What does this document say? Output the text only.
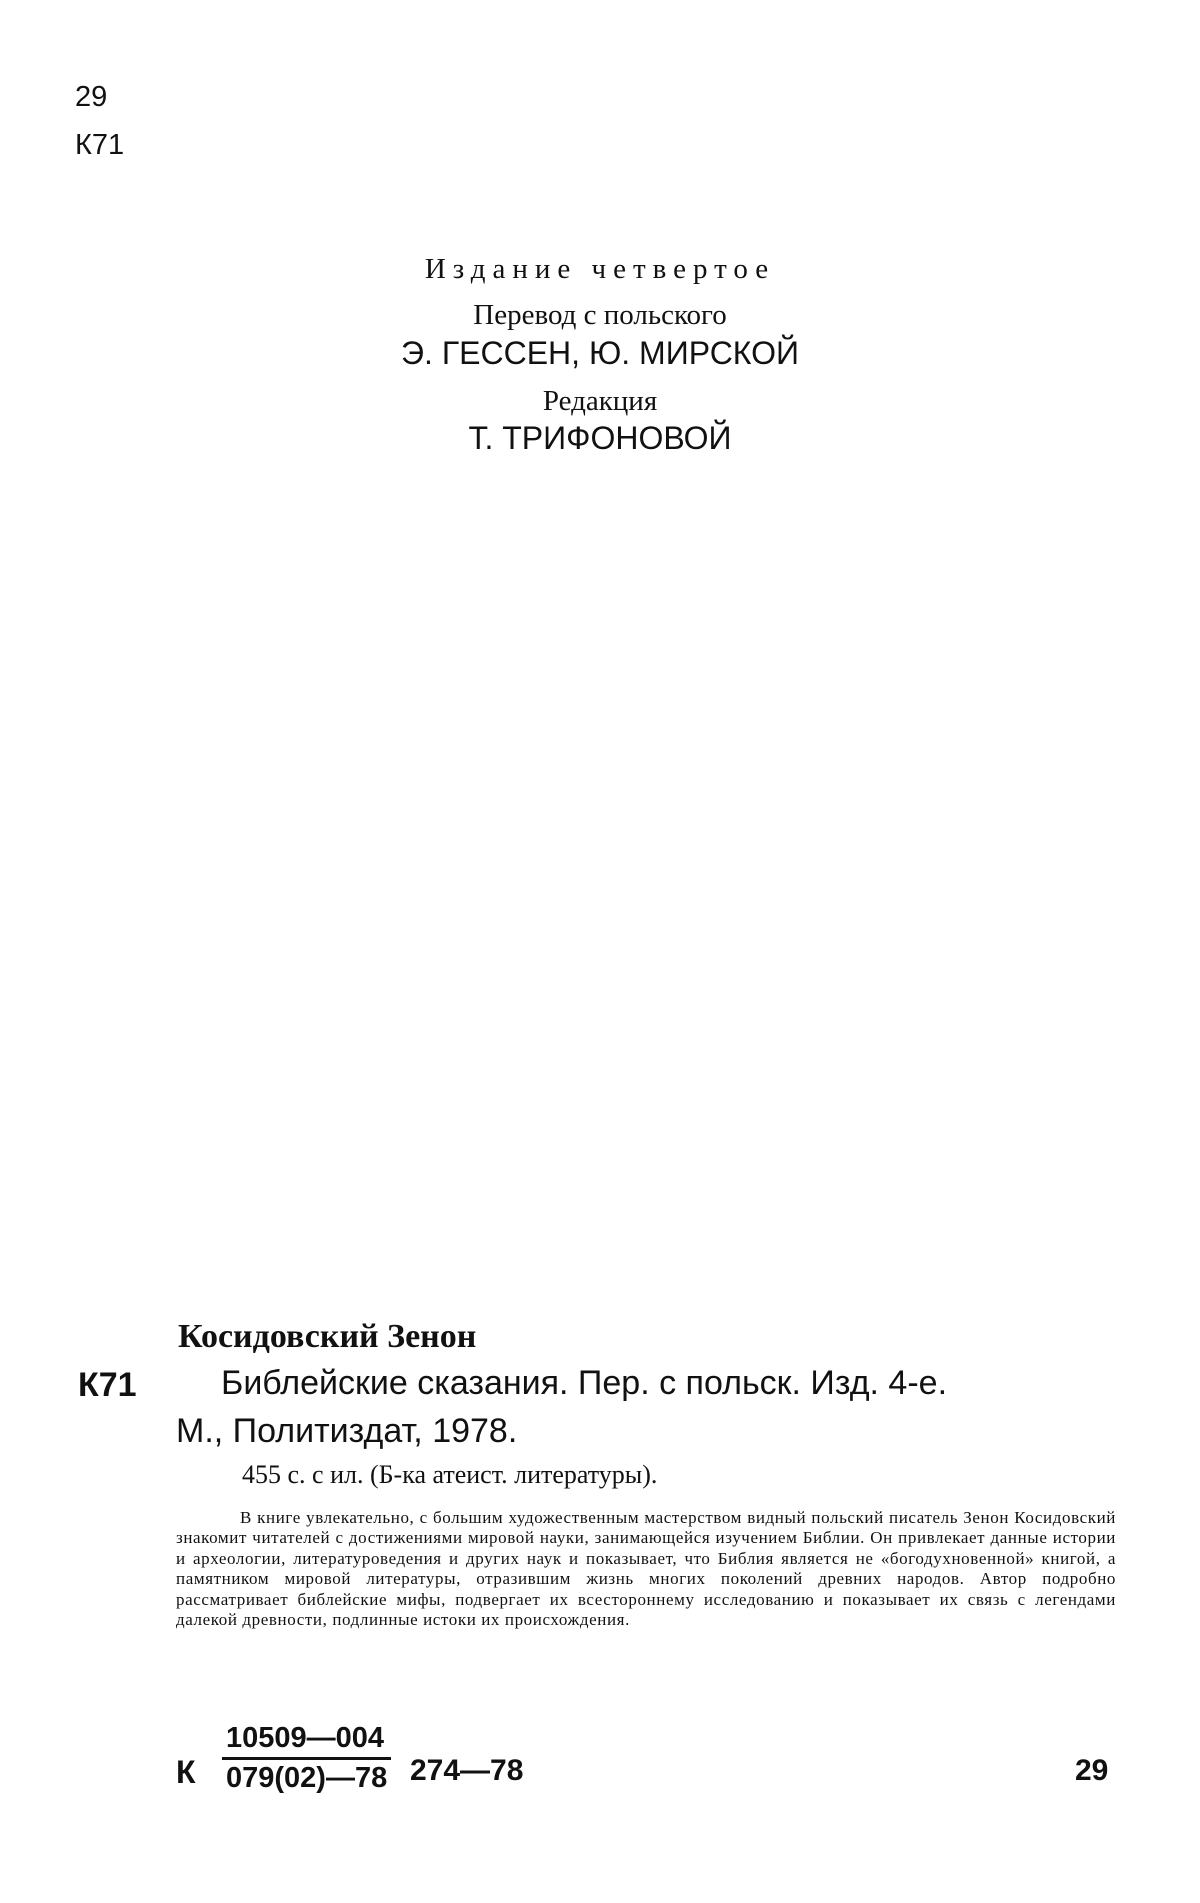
29
К71
Издание четвертое
Перевод с польского
Э. ГЕССЕН, Ю. МИРСКОЙ
Редакция
Т. ТРИФОНОВОЙ
Косидовский Зенон
К71 Библейские сказания. Пер. с польск. Изд. 4-е.
М., Политиздат, 1978.
455 с. с ил. (Б-ка атеист. литературы).
В книге увлекательно, с большим художественным мастерством видный польский писатель Зенон Косидовский знакомит читателей с достижениями мировой науки, занимающейся изучением Библии. Он привлекает данные истории и археологии, литературоведения и других наук и показывает, что Библия является не «богодухновенной» книгой, а памятником мировой литературы, отразившим жизнь многих поколений древних народов. Автор подробно рассматривает библейские мифы, подвергает их всестороннему исследованию и показывает их связь с легендами далекой древности, подлинные истоки их происхождения.
К $\frac{10509—004}{079(02)—78}$ 274—78	29
